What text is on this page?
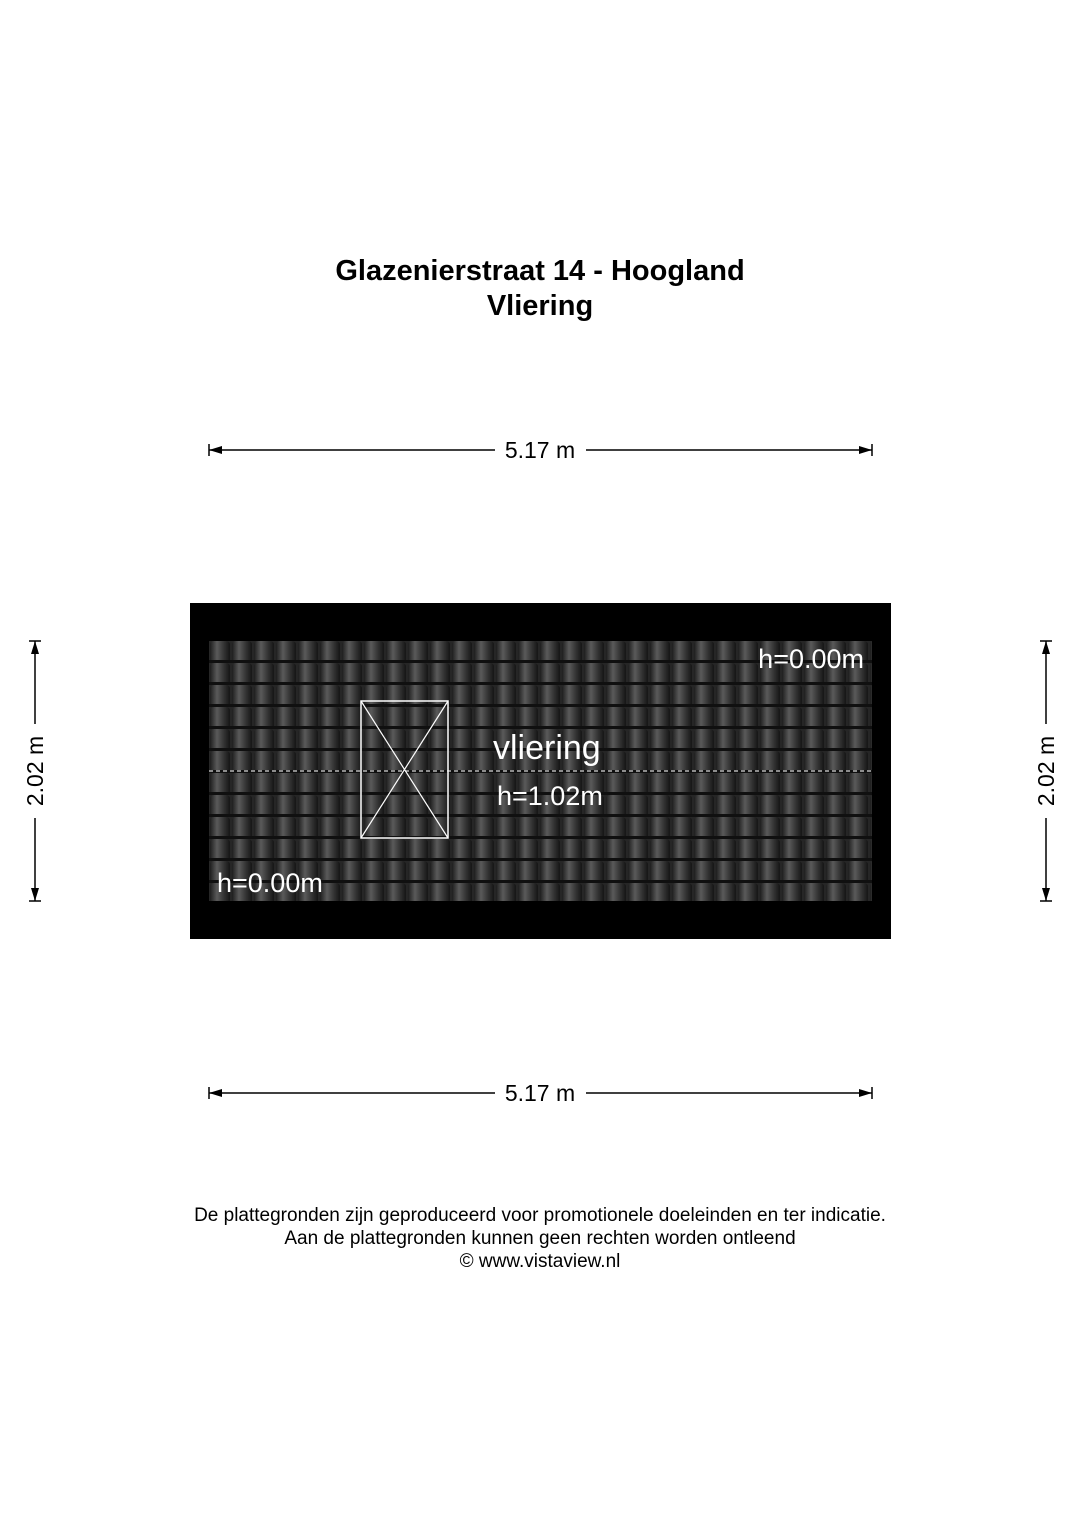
Glazenierstraat 14 - Hoogland
Vliering
5.17 m
5.17 m
2.02 m	2.02 m
vliering
h=1.02m
h=0.00m
h=0.00m
De plattegronden zijn geproduceerd voor promotionele doeleinden en ter indicatie.
Aan de plattegronden kunnen geen rechten worden ontleend
© www.vistaview.nl
